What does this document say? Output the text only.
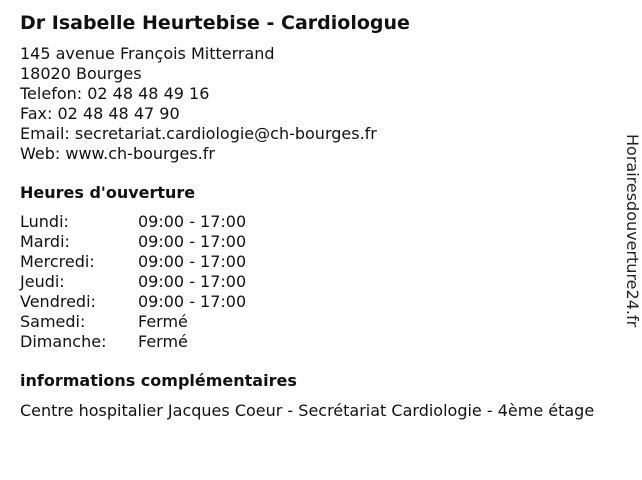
Dr Isabelle Heurtebise - Cardiologue
145 avenue François Mitterrand
18020 Bourges
Telefon: 02 48 48 49 16
Fax: 02 48 48 47 90
Email: secretariat.cardiologie@ch-bourges.fr
Web: www.ch-bourges.fr
Heures d'ouverture
Lundi:	09:00 - 17:00
Mardi:	09:00 - 17:00
Mercredi:	09:00 - 17:00
Jeudi:	09:00 - 17:00
Vendredi:	09:00 - 17:00
Samedi:	Fermé
Dimanche:	Fermé
informations complémentaires
Centre hospitalier Jacques Coeur - Secrétariat Cardiologie - 4ème étage
Horairesdouverture24.fr
